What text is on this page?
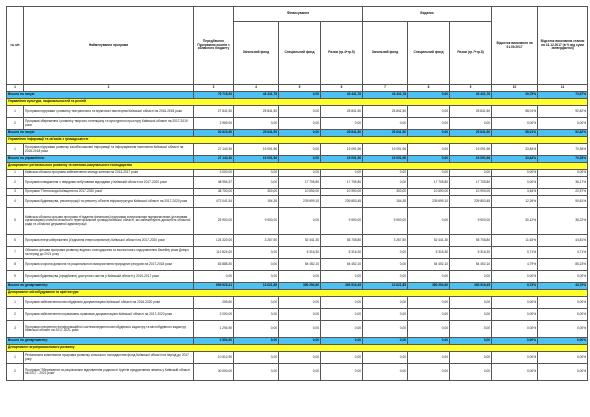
№ з/п	Найменування програми	Передбачено Програмою коштів з обласного бюджету	Фінансування			Видатки			Відсоток виконання на 01.09.2017	Відсоток виконання станом на 31.12.2017 (в % від суми затвердженої)
			Загальний фонд	Спеціальний фонд	Разом (гр.4+гр.5)	Загальний фонд	Спеціальний фонд	Разом (гр.7+гр.8)		
1	2	3	4	5	6	7	8	9	10	11
Всього по галузі:		76 715,00	43 431,78	0,00	43 431,78	43 431,78	0,00	43 431,78	39,75%	73,57%
Управління культури, національностей та релігій										
1	Програма підтримки і розвитку театрального та музичного мистецтва Київської області на 2016-2018 роки	27 841,50	25 841,50	0,00	25 841,50	25 841,50	0,00	25 841,50	58,01%	92,82%
2	Програма збереження і розвитку творчого потенціалу та культурного простору Київської області на 2017-2019 роки	2 969,00	0,00	0,00	0,00	0,00	0,00	0,00	0,00%	0,00%
Всього по галузі:		30 810,50	25 841,50	0,00	25 841,50	25 841,50	0,00	25 841,50	58,01%	92,82%
Управління інформації та зв'язків з громадськістю										
1	Програма підтримки розвитку засобів масової інформації та інформування населення Київської області на 2016-2018 роки	27 140,30	19 091,96	0,00	19 091,96	19 091,96	0,00	19 091,96	33,84%	70,35%
Всього по управлінню:		27 140,30	19 091,96	0,00	19 091,96	19 091,96	0,00	19 091,96	33,84%	70,35%
Департамент регіонального розвитку та житлово-комунального господарства										
1	Київська обласна програма забезпечення молоді житлом на 2013-2017 роки	3 000,00	0,00	0,00	0,00	0,00	0,00	0,00	0,00%	0,00%
2	Програма поводження з твердими побутовими відходами у Київській області на 2017-2020 роки	48 954,57	0,00	17 705,80	17 705,80	0,00	17 705,80	17 705,80	0,00%	36,17%
3	Програма "Питна вода Київщини на 2017-2020 роки"	48 700,00	300,00	10 690,00	10 990,00	300,00	10 690,00	10 990,00	3,46%	22,57%
4	Програма будівництва, реконструкції та ремонту об'єктів інфраструктури Київської області на 2017-2020 роки	472 041,54	154,35	239 699,10	239 853,45	154,35	239 699,10	239 853,45	12,26%	50,81%
5	Київська обласна цільова програма «Надання фінансової підтримки комунальним підприємствам (установам організаціям) спільної власності територіальних громад Київської області, які забезпечують діяльність обласної ради та обласної державної адміністрації	25 900,00	9 900,00	0,00	9 900,00	9 900,00	0,00	9 900,00	30,12%	38,22%
6	Програма енергозбереження (з'єднання енергосервісних) Київської області на 2017-2020 роки	124 320,00	3 267,50	52 441,30	55 708,80	3 267,50	52 441,30	55 708,80	11,63%	44,81%
7	Обласна цільова програма розвитку водного господарства та екологічного оздоровлення басейну річки Дніпро на період до 2021 року	112 824,00	0,00	5 316,30	5 316,30	0,00	5 316,30	5 316,30	0,71%	4,71%
8	Програма охорони довкілля та раціонального використання природних ресурсів на 2017-2018 роки	63 888,30	0,00	54 452,10	54 452,10	0,00	54 452,10	54 452,10	4,79%	85,23%
9	Програма будівництва (придбання) доступного житла у Київській області у 2010-2017 роки	0,00	0,00	0,00	0,00	0,00	0,00	0,00	0,00%	0,00%
Всього по департаменту:		899 628,41	13 621,85	380 294,60	393 916,45	13 621,85	380 294,60	393 916,45	9,73%	43,79%
Департамент містобудування та архітектури										
1	Програма забезпечення містобудівною документацією Київської області на 2016-2020 роки	259,60	0,00	0,00	0,00	0,00	0,00	0,00	0,00%	0,00%
2	Програма забезпечення нормативно-правовою документацією Київської області на 2017-2020 роки	2 000,00	0,00	0,00	0,00	0,00	0,00	0,00	0,00%	0,00%
3	Програма створення геоінформаційної системи ведення містобудівного кадастру та містобудівного кадастру Київської області на 2017-2021 роки	1 294,90	0,00	0,00	0,00	0,00	0,00	0,00	0,00%	0,00%
Всього по департаменту:		3 554,50	0,00	0,00	0,00	0,00	0,00	0,00	0,00%	0,00%
Департамент агропромислового розвитку										
1	Регіональна комплексна програма розвитку сільського господарства фонд Київської області на період до 2017 року	10 512,90	0,00	0,00	0,00	0,00	0,00	0,00	0,00%	0,00%
2	Програма "Збереження та раціональне відновлення родючості ґрунтів продуктивних земель у Київській області на 2017 - 2021 роки"	30 000,00	0,00	0,00	0,00	0,00	0,00	0,00	0,00%	0,00%
